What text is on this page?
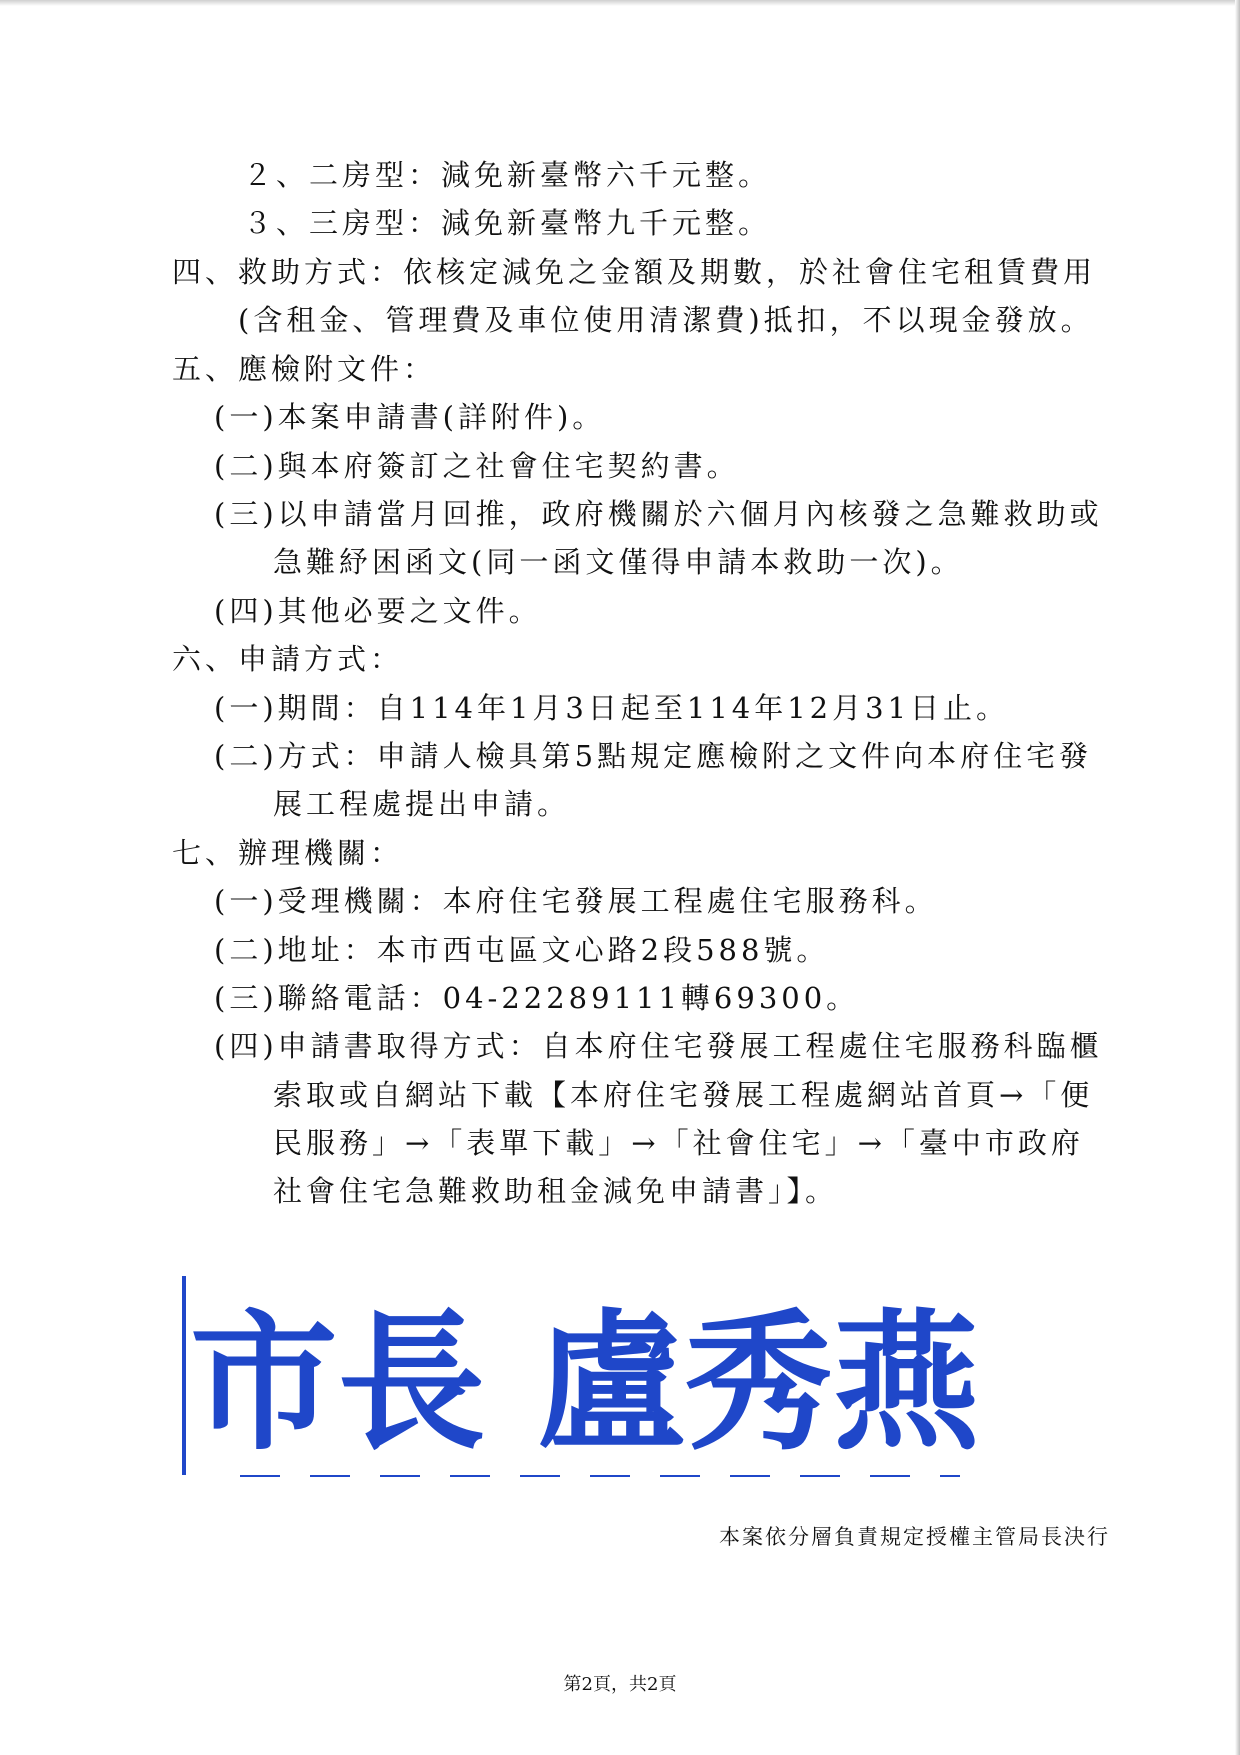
２、二房型：減免新臺幣六千元整。

３、三房型：減免新臺幣九千元整。

四、救助方式：依核定減免之金額及期數，於社會住宅租賃費用

(含租金、管理費及車位使用清潔費)抵扣，不以現金發放。

五、應檢附文件：

(一)本案申請書(詳附件)。

(二)與本府簽訂之社會住宅契約書。

(三)以申請當月回推，政府機關於六個月內核發之急難救助或

急難紓困函文(同一函文僅得申請本救助一次)。

(四)其他必要之文件。

六、申請方式：

(一)期間：自114年1月3日起至114年12月31日止。

(二)方式：申請人檢具第5點規定應檢附之文件向本府住宅發

展工程處提出申請。

七、辦理機關：

(一)受理機關：本府住宅發展工程處住宅服務科。

(二)地址：本市西屯區文心路2段588號。

(三)聯絡電話：04-22289111轉69300。

(四)申請書取得方式：自本府住宅發展工程處住宅服務科臨櫃

索取或自網站下載【本府住宅發展工程處網站首頁→「便

民服務」→「表單下載」→「社會住宅」→「臺中市政府

社會住宅急難救助租金減免申請書」】。

市長 盧秀燕

本案依分層負責規定授權主管局長決行

第2頁，共2頁
